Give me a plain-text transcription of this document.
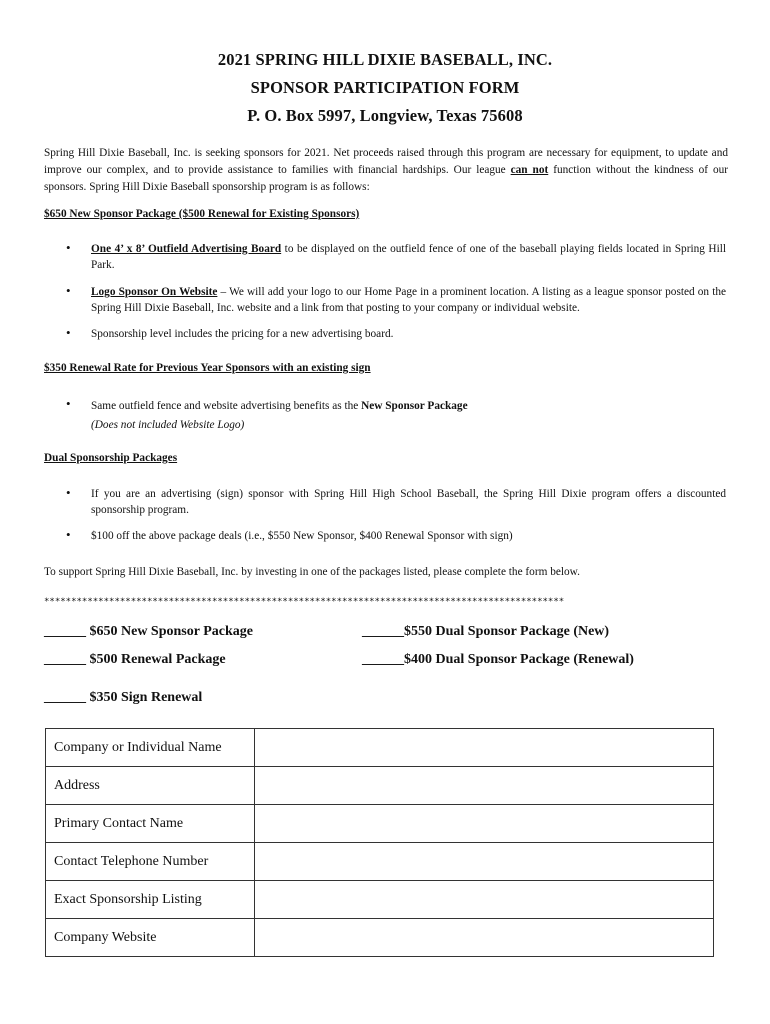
2021 SPRING HILL DIXIE BASEBALL, INC.
SPONSOR PARTICIPATION FORM
P. O. Box 5997, Longview, Texas 75608
Spring Hill Dixie Baseball, Inc. is seeking sponsors for 2021. Net proceeds raised through this program are necessary for equipment, to update and improve our complex, and to provide assistance to families with financial hardships. Our league can not function without the kindness of our sponsors. Spring Hill Dixie Baseball sponsorship program is as follows:
$650 New Sponsor Package ($500 Renewal for Existing Sponsors)
• One 4’ x 8’ Outfield Advertising Board to be displayed on the outfield fence of one of the baseball playing fields located in Spring Hill Park.
• Logo Sponsor On Website – We will add your logo to our Home Page in a prominent location. A listing as a league sponsor posted on the Spring Hill Dixie Baseball, Inc. website and a link from that posting to your company or individual website.
• Sponsorship level includes the pricing for a new advertising board.
$350 Renewal Rate for Previous Year Sponsors with an existing sign
• Same outfield fence and website advertising benefits as the New Sponsor Package
(Does not included Website Logo)
Dual Sponsorship Packages
• If you are an advertising (sign) sponsor with Spring Hill High School Baseball, the Spring Hill Dixie program offers a discounted sponsorship program.
• $100 off the above package deals (i.e., $550 New Sponsor, $400 Renewal Sponsor with sign)
To support Spring Hill Dixie Baseball, Inc. by investing in one of the packages listed, please complete the form below.
************************************************************************************************
______ $650 New Sponsor Package	______$550 Dual Sponsor Package (New)
______ $500 Renewal Package	______$400 Dual Sponsor Package (Renewal)
______ $350 Sign Renewal
Company or Individual Name	
Address	
Primary Contact Name	
Contact Telephone Number	
Exact Sponsorship Listing	
Company Website	
